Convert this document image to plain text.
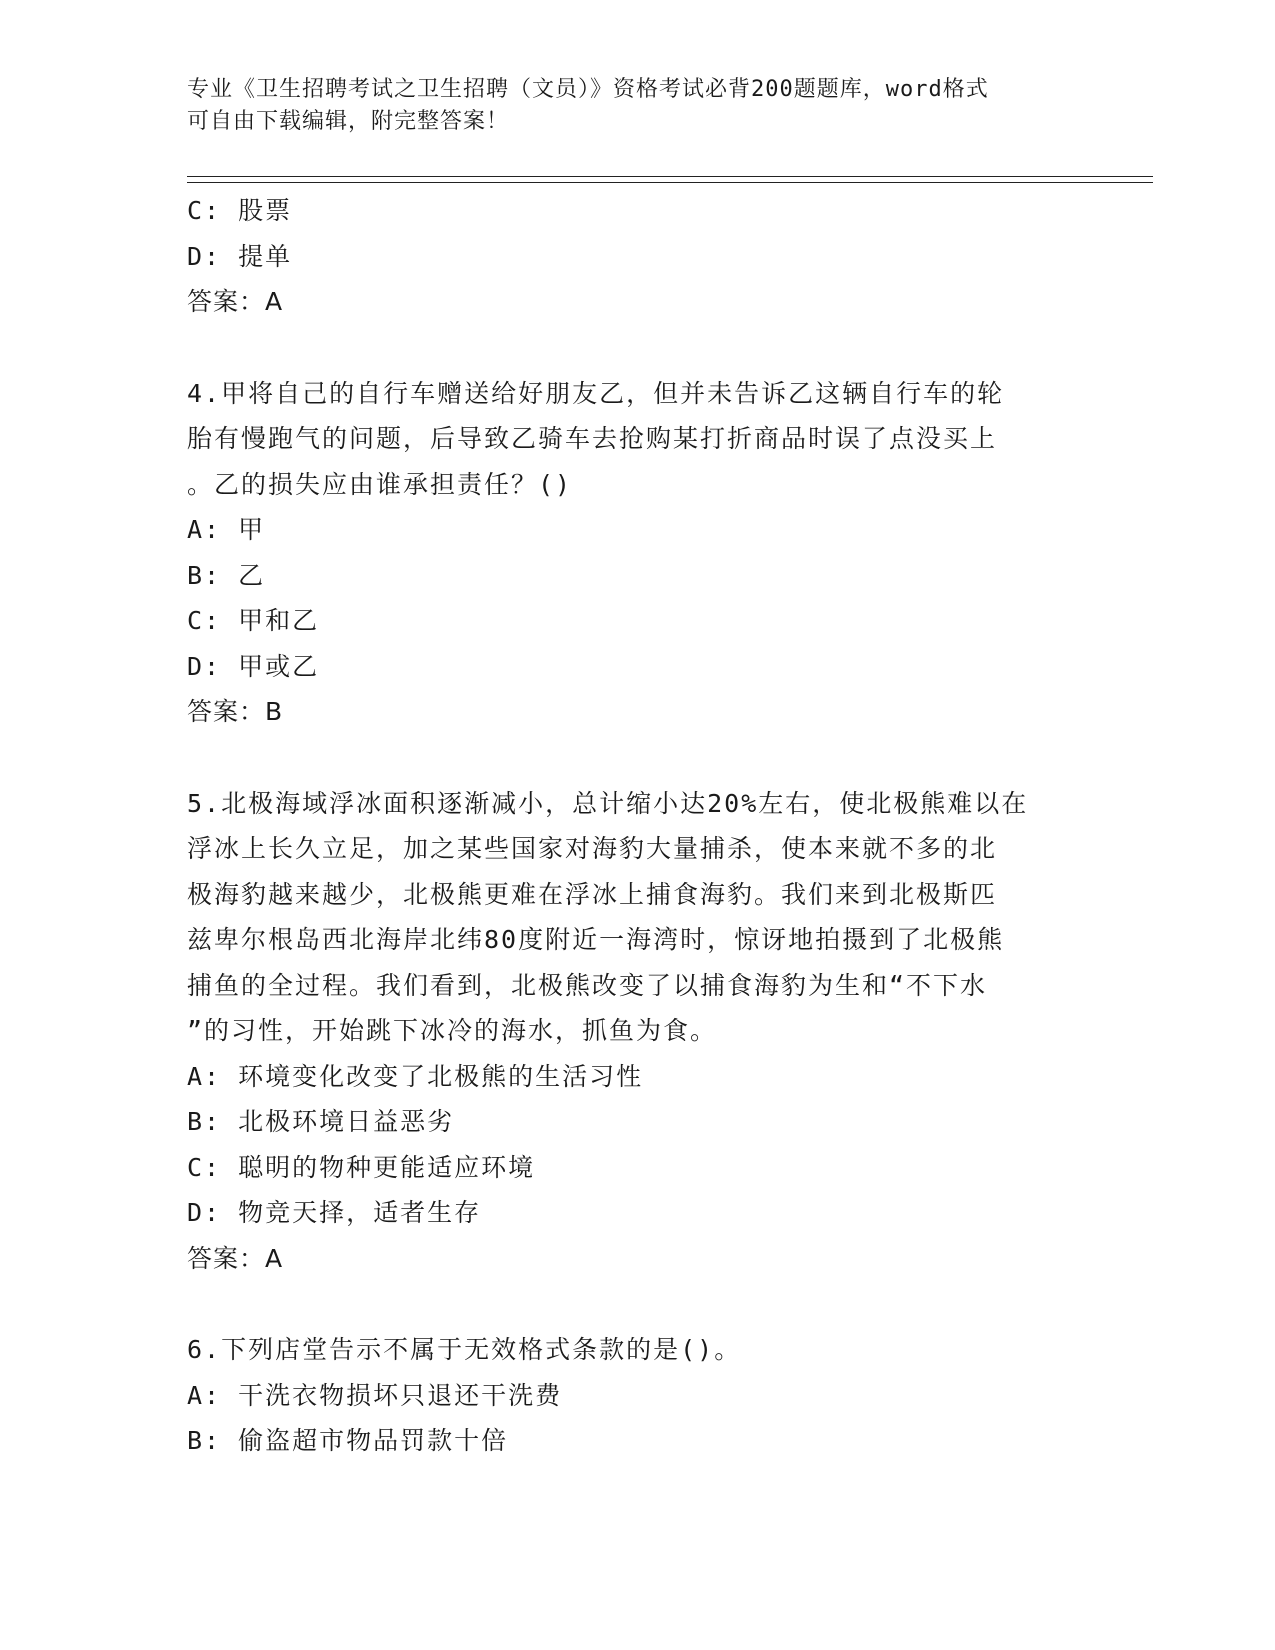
专业《卫生招聘考试之卫生招聘（文员）》资格考试必背200题题库，word格式
可自由下载编辑，附完整答案！
C: 股票
D: 提单
答案：A
4.甲将自己的自行车赠送给好朋友乙，但并未告诉乙这辆自行车的轮
胎有慢跑气的问题，后导致乙骑车去抢购某打折商品时误了点没买上
。乙的损失应由谁承担责任？()
A: 甲
B: 乙
C: 甲和乙
D: 甲或乙
答案：B
5.北极海域浮冰面积逐渐减小，总计缩小达20%左右，使北极熊难以在
浮冰上长久立足，加之某些国家对海豹大量捕杀，使本来就不多的北
极海豹越来越少，北极熊更难在浮冰上捕食海豹。我们来到北极斯匹
兹卑尔根岛西北海岸北纬80度附近一海湾时，惊讶地拍摄到了北极熊
捕鱼的全过程。我们看到，北极熊改变了以捕食海豹为生和“不下水
”的习性，开始跳下冰冷的海水，抓鱼为食。
A: 环境变化改变了北极熊的生活习性
B: 北极环境日益恶劣
C: 聪明的物种更能适应环境
D: 物竞天择，适者生存
答案：A
6.下列店堂告示不属于无效格式条款的是()。
A: 干洗衣物损坏只退还干洗费
B: 偷盗超市物品罚款十倍
